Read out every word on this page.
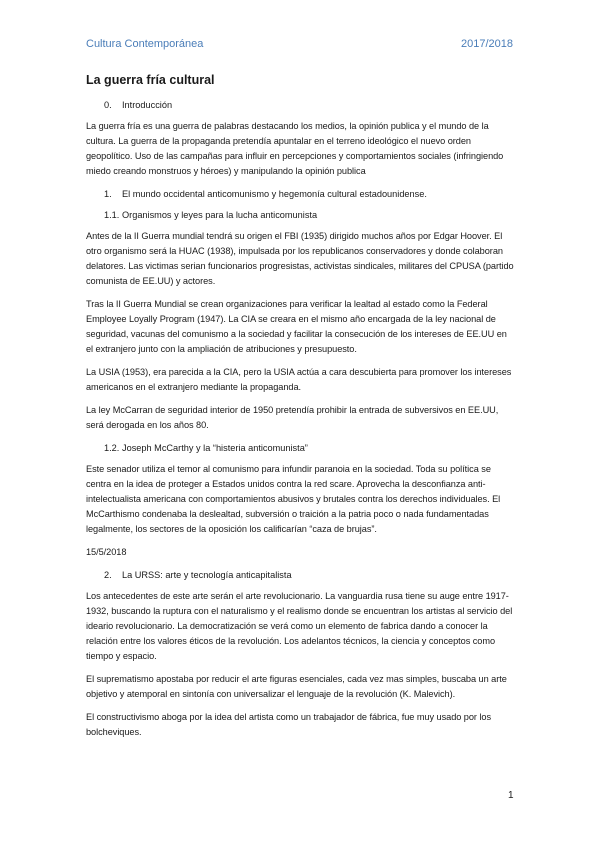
Cultura Contemporánea	2017/2018
La guerra fría cultural
0. Introducción

La guerra fría es una guerra de palabras destacando los medios, la opinión publica y el mundo de la cultura. La guerra de la propaganda pretendía apuntalar en el terreno ideológico el nuevo orden geopolítico. Uso de las campañas para influir en percepciones y comportamientos sociales (infringiendo miedo creando monstruos y héroes) y manipulando la opinión publica

1. El mundo occidental anticomunismo y hegemonía cultural estadounidense.
1.1. Organismos y leyes para la lucha anticomunista

Antes de la II Guerra mundial tendrá su origen el FBI (1935) dirigido muchos años por Edgar Hoover. El otro organismo será la HUAC (1938), impulsada por los republicanos conservadores y donde colaboran delatores. Las victimas serian funcionarios progresistas, activistas sindicales, militares del CPUSA (partido comunista de EE.UU) y actores.

Tras la II Guerra Mundial se crean organizaciones para verificar la lealtad al estado como la Federal Employee Loyally Program (1947). La CIA se creara en el mismo año encargada de la ley nacional de seguridad, vacunas del comunismo a la sociedad y facilitar la consecución de los intereses de EE.UU en el extranjero junto con la ampliación de atribuciones y presupuesto.

La USIA (1953), era parecida a la CIA, pero la USIA actúa a cara descubierta para promover los intereses americanos en el extranjero mediante la propaganda.

La ley McCarran de seguridad interior de 1950 pretendía prohibir la entrada de subversivos en EE.UU, será derogada en los años 80.

1.2. Joseph McCarthy y la “histeria anticomunista”

Este senador utiliza el temor al comunismo para infundir paranoia en la sociedad. Toda su política se centra en la idea de proteger a Estados unidos contra la red scare. Aprovecha la desconfianza anti-intelectualista americana con comportamientos abusivos y brutales contra los derechos individuales. El McCarthismo condenaba la deslealtad, subversión o traición a la patria poco o nada fundamentadas legalmente, los sectores de la oposición los calificarían “caza de brujas”.

15/5/2018

2. La URSS: arte y tecnología anticapitalista

Los antecedentes de este arte serán el arte revolucionario. La vanguardia rusa tiene su auge entre 1917-1932, buscando la ruptura con el naturalismo y el realismo donde se encuentran los artistas al servicio del ideario revolucionario. La democratización se verá como un elemento de fabrica dando a conocer la relación entre los valores éticos de la revolución. Los adelantos técnicos, la ciencia y conceptos como tiempo y espacio.

El suprematismo apostaba por reducir el arte figuras esenciales, cada vez mas simples, buscaba un arte objetivo y atemporal en sintonía con universalizar el lenguaje de la revolución (K. Malevich).

El constructivismo aboga por la idea del artista como un trabajador de fábrica, fue muy usado por los bolcheviques.

1
